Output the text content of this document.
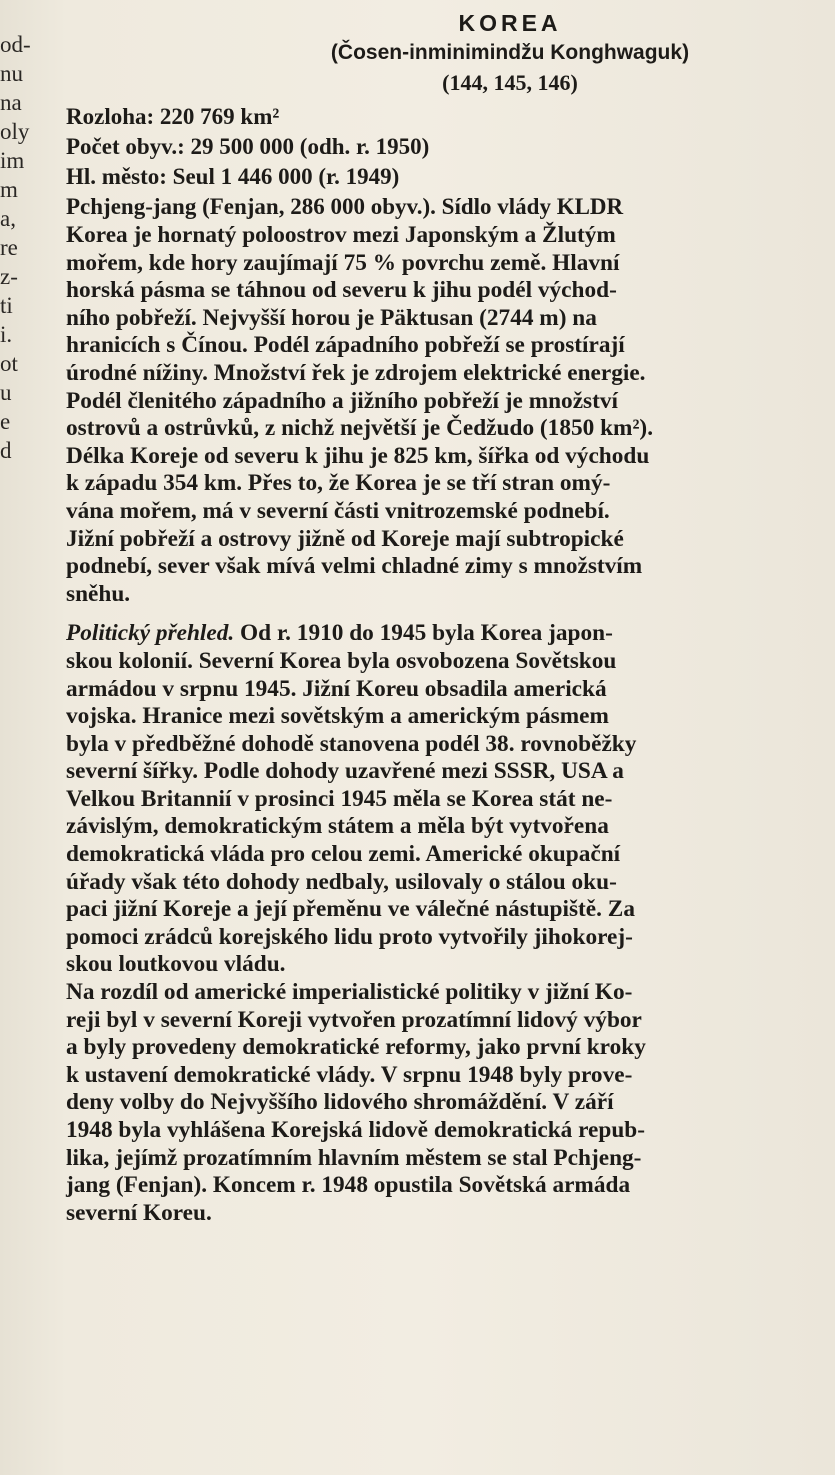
od-
nu
na
oly
im
m
a,
re
z-
ti
i.
ot
u
e
d
KOREA
(Čosen-inminimindžu Konghwaguk)
(144, 145, 146)
Rozloha: 220 769 km²
Počet obyv.: 29 500 000 (odh. r. 1950)
Hl. město: Seul 1 446 000 (r. 1949)
Pchjeng-jang (Fenjan, 286 000 obyv.). Sídlo vlády KLDR

Korea je hornatý poloostrov mezi Japonským a Žlutým
mořem, kde hory zaujímají 75 % povrchu země. Hlavní
horská pásma se táhnou od severu k jihu podél východ-
ního pobřeží. Nejvyšší horou je Päktusan (2744 m) na
hranicích s Čínou. Podél západního pobřeží se prostírají
úrodné nížiny. Množství řek je zdrojem elektrické energie.
Podél členitého západního a jižního pobřeží je množství
ostrovů a ostrůvků, z nichž největší je Čedžudo (1850 km²).
Délka Koreje od severu k jihu je 825 km, šířka od východu
k západu 354 km. Přes to, že Korea je se tří stran omý-
vána mořem, má v severní části vnitrozemské podnebí.
Jižní pobřeží a ostrovy jižně od Koreje mají subtropické
podnebí, sever však mívá velmi chladné zimy s množstvím
sněhu.

Politický přehled. Od r. 1910 do 1945 byla Korea japon-
skou kolonií. Severní Korea byla osvobozena Sovětskou
armádou v srpnu 1945. Jižní Koreu obsadila americká
vojska. Hranice mezi sovětským a americkým pásmem
byla v předběžné dohodě stanovena podél 38. rovnoběžky
severní šířky. Podle dohody uzavřené mezi SSSR, USA a
Velkou Britannií v prosinci 1945 měla se Korea stát ne-
závislým, demokratickým státem a měla být vytvořena
demokratická vláda pro celou zemi. Americké okupační
úřady však této dohody nedbaly, usilovaly o stálou oku-
paci jižní Koreje a její přeměnu ve válečné nástupiště. Za
pomoci zrádců korejského lidu proto vytvořily jihokorej-
skou loutkovou vládu.

Na rozdíl od americké imperialistické politiky v jižní Ko-
reji byl v severní Koreji vytvořen prozatímní lidový výbor
a byly provedeny demokratické reformy, jako první kroky
k ustavení demokratické vlády. V srpnu 1948 byly prove-
deny volby do Nejvyššího lidového shromáždění. V září
1948 byla vyhlášena Korejská lidově demokratická repub-
lika, jejímž prozatímním hlavním městem se stal Pchjeng-
jang (Fenjan). Koncem r. 1948 opustila Sovětská armáda
severní Koreu.
